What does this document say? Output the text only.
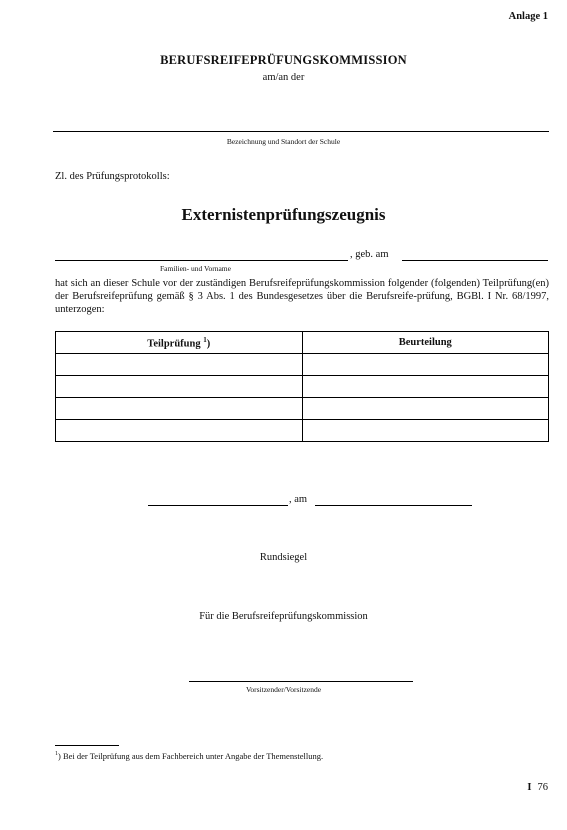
Anlage 1
BERUFSREIFEPRÜFUNGSKOMMISSION
am/an der
Bezeichnung und Standort der Schule
Zl. des Prüfungsprotokolls:
Externistenprüfungszeugnis
, geb. am
Familien- und Vorname
hat sich an dieser Schule vor der zuständigen Berufsreifeprüfungskommission folgender (folgenden) Teilprüfung(en) der Berufsreifeprüfung gemäß § 3 Abs. 1 des Bundesgesetzes über die Berufsreife-prüfung, BGBl. I Nr. 68/1997, unterzogen:
Teilprüfung $^1$)	Beurteilung

, am
Rundsiegel
Für die Berufsreifeprüfungskommission
Vorsitzender/Vorsitzende
$^1$) Bei der Teilprüfung aus dem Fachbereich unter Angabe der Themenstellung.
I 76
